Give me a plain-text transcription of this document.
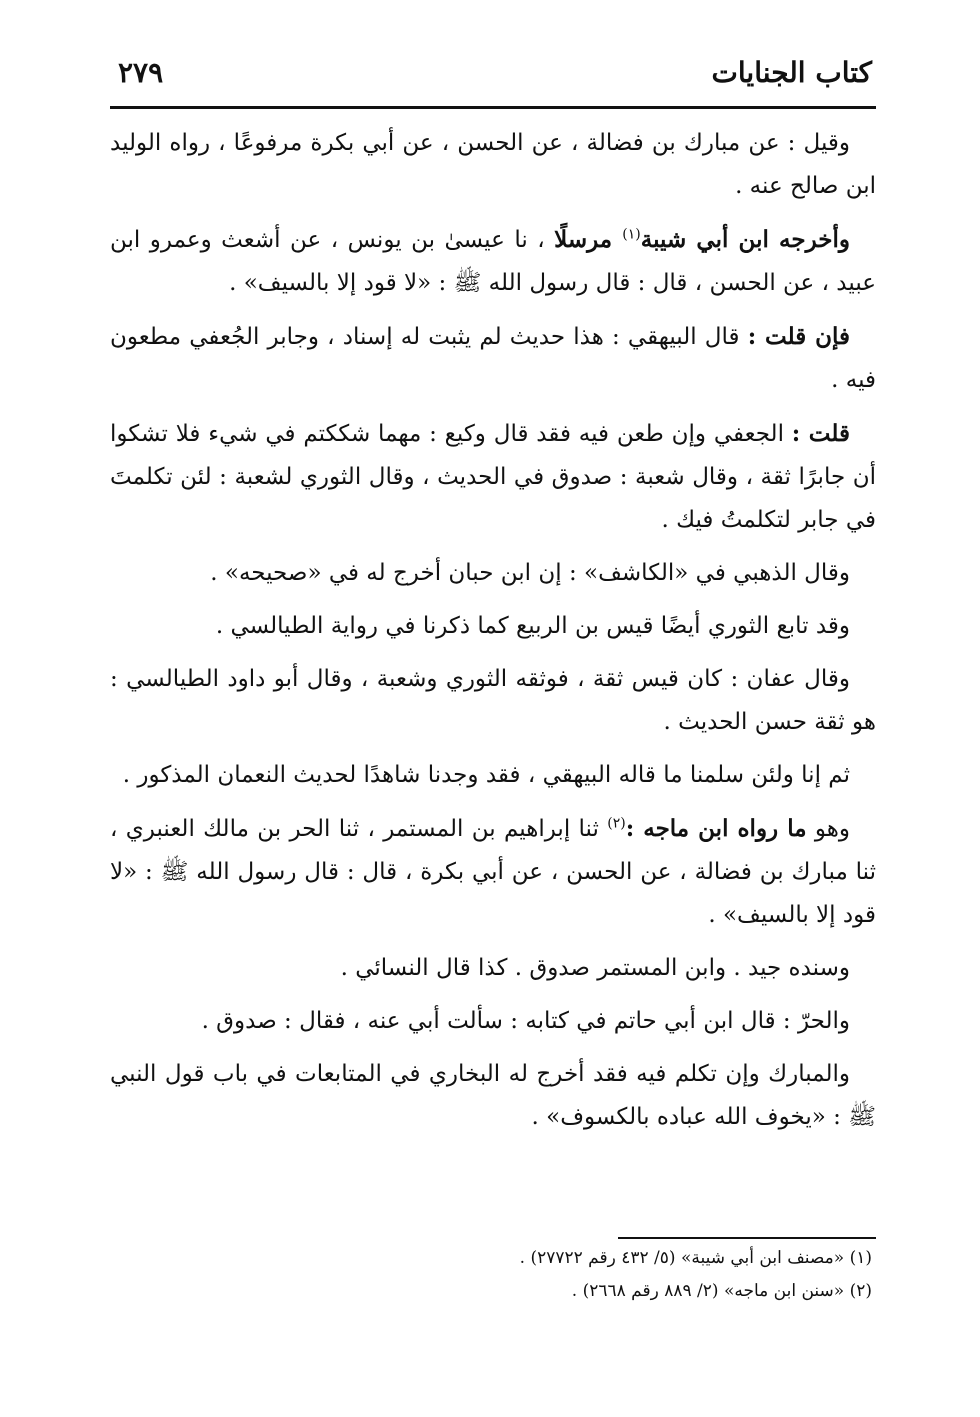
كتاب الجنايات
٢٧٩

وقيل : عن مبارك بن فضالة ، عن الحسن ، عن أبي بكرة مرفوعًا ، رواه الوليد ابن صالح عنه .

وأخرجه ابن أبي شيبة$^{(١)}$ مرسلًا ، نا عيسىٰ بن يونس ، عن أشعث وعمرو ابن عبيد ، عن الحسن ، قال : قال رسول الله ﷺ : «لا قود إلا بالسيف» .

فإن قلت : قال البيهقي : هذا حديث لم يثبت له إسناد ، وجابر الجُعفي مطعون فيه .

قلت : الجعفي وإن طعن فيه فقد قال وكيع : مهما شككتم في شيء فلا تشكوا أن جابرًا ثقة ، وقال شعبة : صدوق في الحديث ، وقال الثوري لشعبة : لئن تكلمتَ في جابر لتكلمتُ فيك .

وقال الذهبي في «الكاشف» : إن ابن حبان أخرج له في «صحيحه» .

وقد تابع الثوري أيضًا قيس بن الربيع كما ذكرنا في رواية الطيالسي .

وقال عفان : كان قيس ثقة ، فوثقه الثوري وشعبة ، وقال أبو داود الطيالسي : هو ثقة حسن الحديث .

ثم إنا ولئن سلمنا ما قاله البيهقي ، فقد وجدنا شاهدًا لحديث النعمان المذكور .

وهو ما رواه ابن ماجه :$^{(٢)}$ ثنا إبراهيم بن المستمر ، ثنا الحر بن مالك العنبري ، ثنا مبارك بن فضالة ، عن الحسن ، عن أبي بكرة ، قال : قال رسول الله ﷺ : «لا قود إلا بالسيف» .

وسنده جيد . وابن المستمر صدوق . كذا قال النسائي .

والحرّ : قال ابن أبي حاتم في كتابه : سألت أبي عنه ، فقال : صدوق .

والمبارك وإن تكلم فيه فقد أخرج له البخاري في المتابعات في باب قول النبي ﷺ : «يخوف الله عباده بالكسوف» .

(١) «مصنف ابن أبي شيبة» (٥/ ٤٣٢ رقم ٢٧٧٢٢) .

(٢) «سنن ابن ماجه» (٢/ ٨٨٩ رقم ٢٦٦٨) .
